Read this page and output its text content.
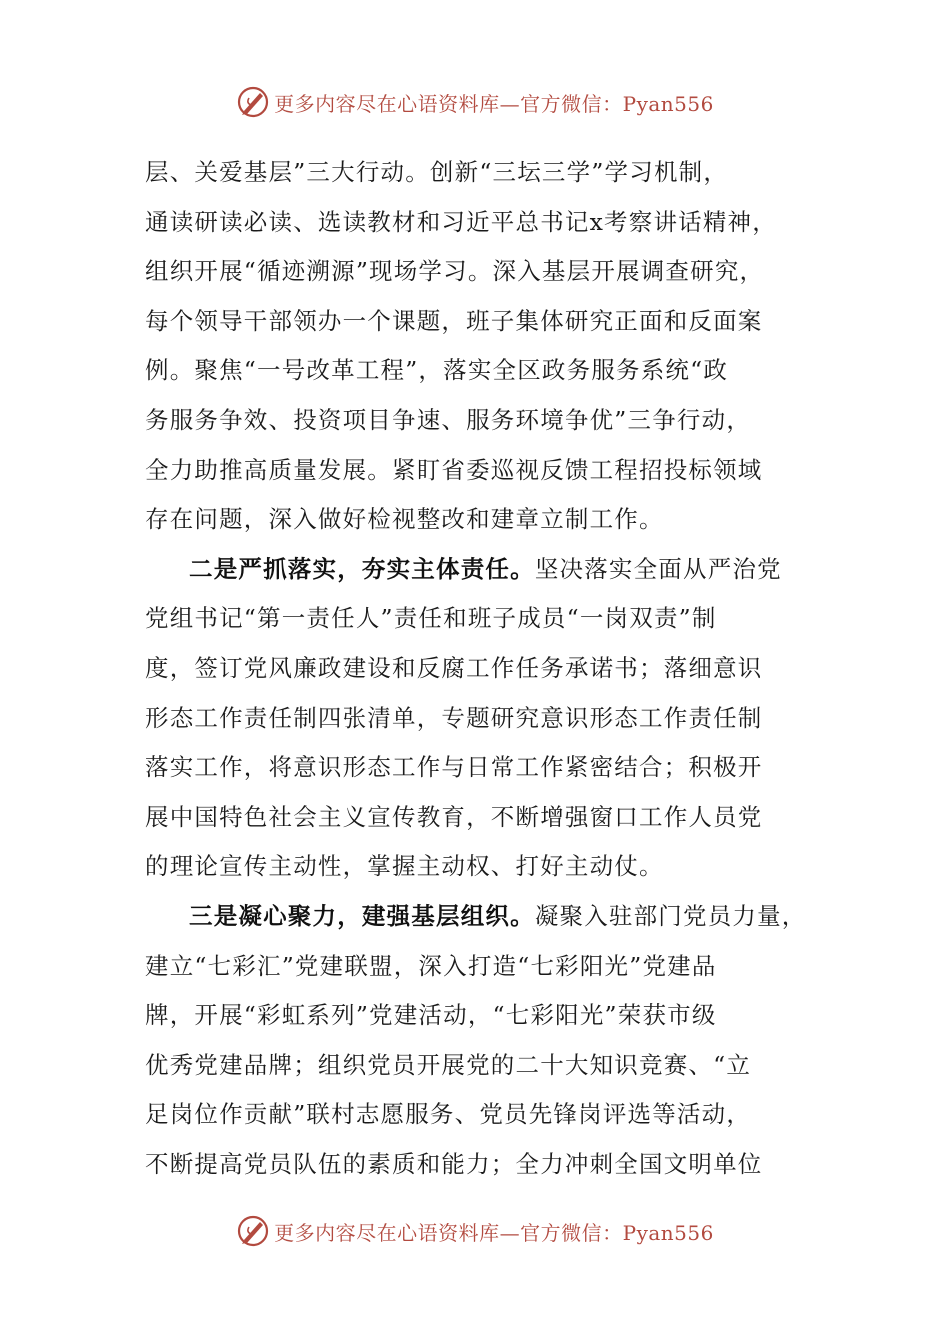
更多内容尽在心语资料库—官方微信：Pyan556
层、关爱基层”三大行动。创新“三坛三学”学习机制，
通读研读必读、选读教材和习近平总书记x考察讲话精神，
组织开展“循迹溯源”现场学习。深入基层开展调查研究，
每个领导干部领办一个课题，班子集体研究正面和反面案
例。聚焦“一号改革工程”，落实全区政务服务系统“政
务服务争效、投资项目争速、服务环境争优”三争行动，
全力助推高质量发展。紧盯省委巡视反馈工程招投标领域
存在问题，深入做好检视整改和建章立制工作。
二是严抓落实，夯实主体责任。坚决落实全面从严治党
党组书记“第一责任人”责任和班子成员“一岗双责”制
度，签订党风廉政建设和反腐工作任务承诺书；落细意识
形态工作责任制四张清单，专题研究意识形态工作责任制
落实工作，将意识形态工作与日常工作紧密结合；积极开
展中国特色社会主义宣传教育，不断增强窗口工作人员党
的理论宣传主动性，掌握主动权、打好主动仗。
三是凝心聚力，建强基层组织。凝聚入驻部门党员力量，
建立“七彩汇”党建联盟，深入打造“七彩阳光”党建品
牌，开展“彩虹系列”党建活动，“七彩阳光”荣获市级
优秀党建品牌；组织党员开展党的二十大知识竞赛、“立
足岗位作贡献”联村志愿服务、党员先锋岗评选等活动，
不断提高党员队伍的素质和能力；全力冲刺全国文明单位
更多内容尽在心语资料库—官方微信：Pyan556
